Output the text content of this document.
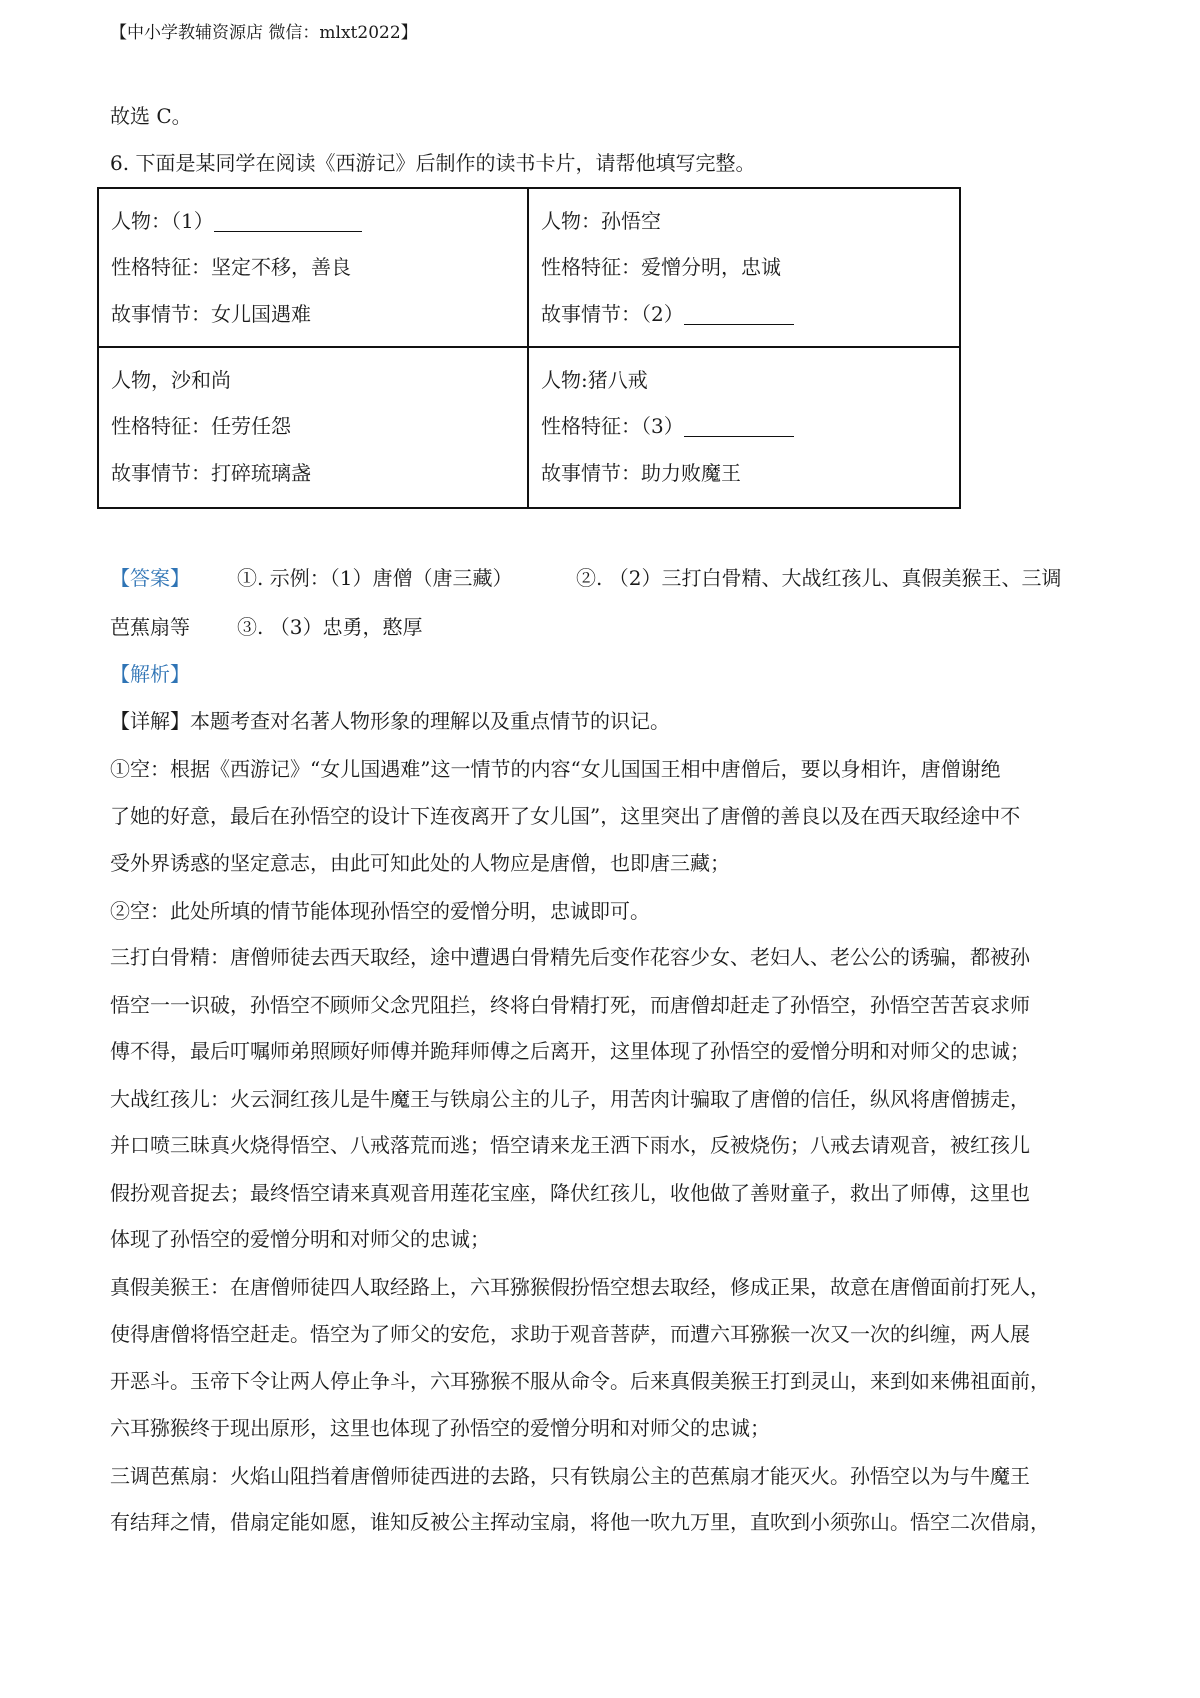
【中小学教辅资源店 微信：mlxt2022】
故选 C。
6. 下面是某同学在阅读《西游记》后制作的读书卡片，请帮他填写完整。
人物：（1）
性格特征：坚定不移，善良
故事情节：女儿国遇难
人物：孙悟空
性格特征：爱憎分明，忠诚
故事情节：（2）
人物，沙和尚
性格特征：任劳任怨
故事情节：打碎琉璃盏
人物:猪八戒
性格特征：（3）
故事情节：助力败魔王
【答案】 ①. 示例：（1）唐僧（唐三藏）	②. （2）三打白骨精、大战红孩儿、真假美猴王、三调
芭蕉扇等 ③. （3）忠勇，憨厚
【解析】
【详解】本题考查对名著人物形象的理解以及重点情节的识记。
①空：根据《西游记》“女儿国遇难”这一情节的内容“女儿国国王相中唐僧后，要以身相许，唐僧谢绝
了她的好意，最后在孙悟空的设计下连夜离开了女儿国”，这里突出了唐僧的善良以及在西天取经途中不
受外界诱惑的坚定意志，由此可知此处的人物应是唐僧，也即唐三藏；
②空：此处所填的情节能体现孙悟空的爱憎分明，忠诚即可。
三打白骨精：唐僧师徒去西天取经，途中遭遇白骨精先后变作花容少女、老妇人、老公公的诱骗，都被孙
悟空一一识破，孙悟空不顾师父念咒阻拦，终将白骨精打死，而唐僧却赶走了孙悟空，孙悟空苦苦哀求师
傅不得，最后叮嘱师弟照顾好师傅并跪拜师傅之后离开，这里体现了孙悟空的爱憎分明和对师父的忠诚；
大战红孩儿：火云洞红孩儿是牛魔王与铁扇公主的儿子，用苦肉计骗取了唐僧的信任，纵风将唐僧掳走，
并口喷三昧真火烧得悟空、八戒落荒而逃；悟空请来龙王洒下雨水，反被烧伤；八戒去请观音，被红孩儿
假扮观音捉去；最终悟空请来真观音用莲花宝座，降伏红孩儿，收他做了善财童子，救出了师傅，这里也
体现了孙悟空的爱憎分明和对师父的忠诚；
真假美猴王：在唐僧师徒四人取经路上，六耳猕猴假扮悟空想去取经，修成正果，故意在唐僧面前打死人，
使得唐僧将悟空赶走。悟空为了师父的安危，求助于观音菩萨，而遭六耳猕猴一次又一次的纠缠，两人展
开恶斗。玉帝下令让两人停止争斗，六耳猕猴不服从命令。后来真假美猴王打到灵山，来到如来佛祖面前，
六耳猕猴终于现出原形，这里也体现了孙悟空的爱憎分明和对师父的忠诚；
三调芭蕉扇：火焰山阻挡着唐僧师徒西进的去路，只有铁扇公主的芭蕉扇才能灭火。孙悟空以为与牛魔王
有结拜之情，借扇定能如愿，谁知反被公主挥动宝扇，将他一吹九万里，直吹到小须弥山。悟空二次借扇，
